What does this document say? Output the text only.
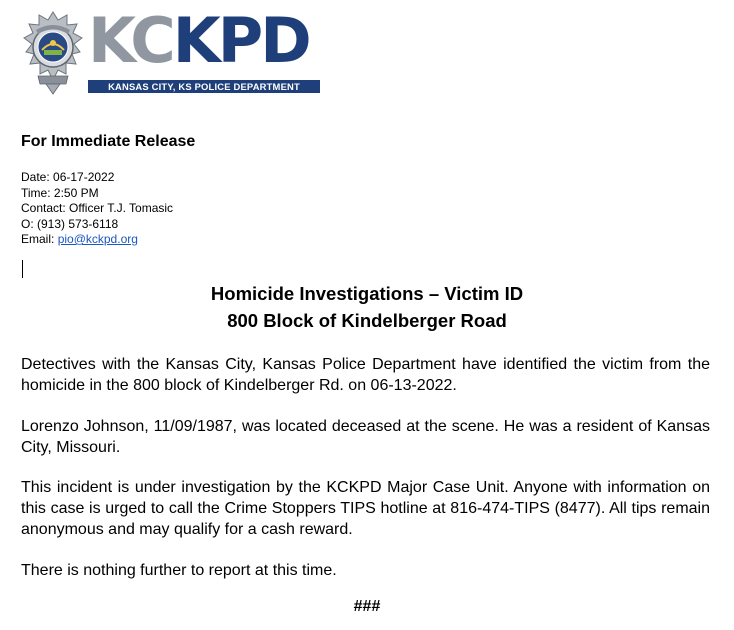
KCKPD
KANSAS CITY, KS POLICE DEPARTMENT
For Immediate Release
Date: 06-17-2022
Time: 2:50 PM
Contact: Officer T.J. Tomasic
O: (913) 573-6118
Email: pio@kckpd.org
Homicide Investigations – Victim ID
800 Block of Kindelberger Road
Detectives with the Kansas City, Kansas Police Department have identified the victim from the homicide in the 800 block of Kindelberger Rd. on 06-13-2022.
Lorenzo Johnson, 11/09/1987, was located deceased at the scene. He was a resident of Kansas City, Missouri.
This incident is under investigation by the KCKPD Major Case Unit. Anyone with information on this case is urged to call the Crime Stoppers TIPS hotline at 816-474-TIPS (8477). All tips remain anonymous and may qualify for a cash reward.
There is nothing further to report at this time.
###
